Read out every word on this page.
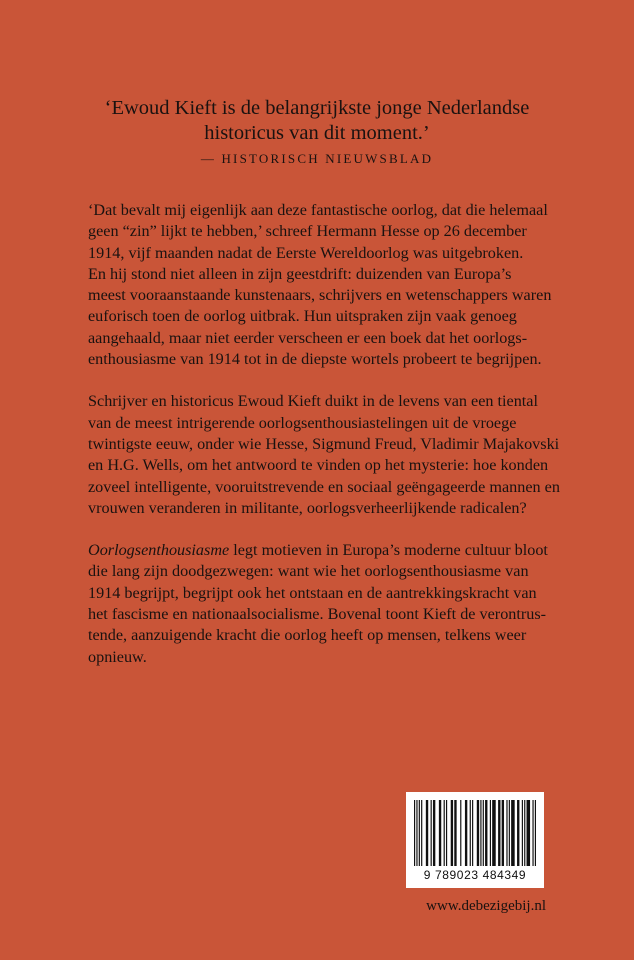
‘Ewoud Kieft is de belangrijkste jonge Nederlandse
historicus van dit moment.’
— HISTORISCH NIEUWSBLAD
‘Dat bevalt mij eigenlijk aan deze fantastische oorlog, dat die helemaal
geen “zin” lijkt te hebben,’ schreef Hermann Hesse op 26 december
1914, vijf maanden nadat de Eerste Wereldoorlog was uitgebroken.
En hij stond niet alleen in zijn geestdrift: duizenden van Europa’s
meest vooraanstaande kunstenaars, schrijvers en wetenschappers waren
euforisch toen de oorlog uitbrak. Hun uitspraken zijn vaak genoeg
aangehaald, maar niet eerder verscheen er een boek dat het oorlogs-
enthousiasme van 1914 tot in de diepste wortels probeert te begrijpen.
Schrijver en historicus Ewoud Kieft duikt in de levens van een tiental
van de meest intrigerende oorlogsenthousiastelingen uit de vroege
twintigste eeuw, onder wie Hesse, Sigmund Freud, Vladimir Majakovski
en H.G. Wells, om het antwoord te vinden op het mysterie: hoe konden
zoveel intelligente, vooruitstrevende en sociaal geëngageerde mannen en
vrouwen veranderen in militante, oorlogsverheerlijkende radicalen?
Oorlogsenthousiasme legt motieven in Europa’s moderne cultuur bloot
die lang zijn doodgezwegen: want wie het oorlogsenthousiasme van
1914 begrijpt, begrijpt ook het ontstaan en de aantrekkingskracht van
het fascisme en nationaalsocialisme. Bovenal toont Kieft de verontrus-
tende, aanzuigende kracht die oorlog heeft op mensen, telkens weer
opnieuw.
9 789023 484349
www.debezigebij.nl
